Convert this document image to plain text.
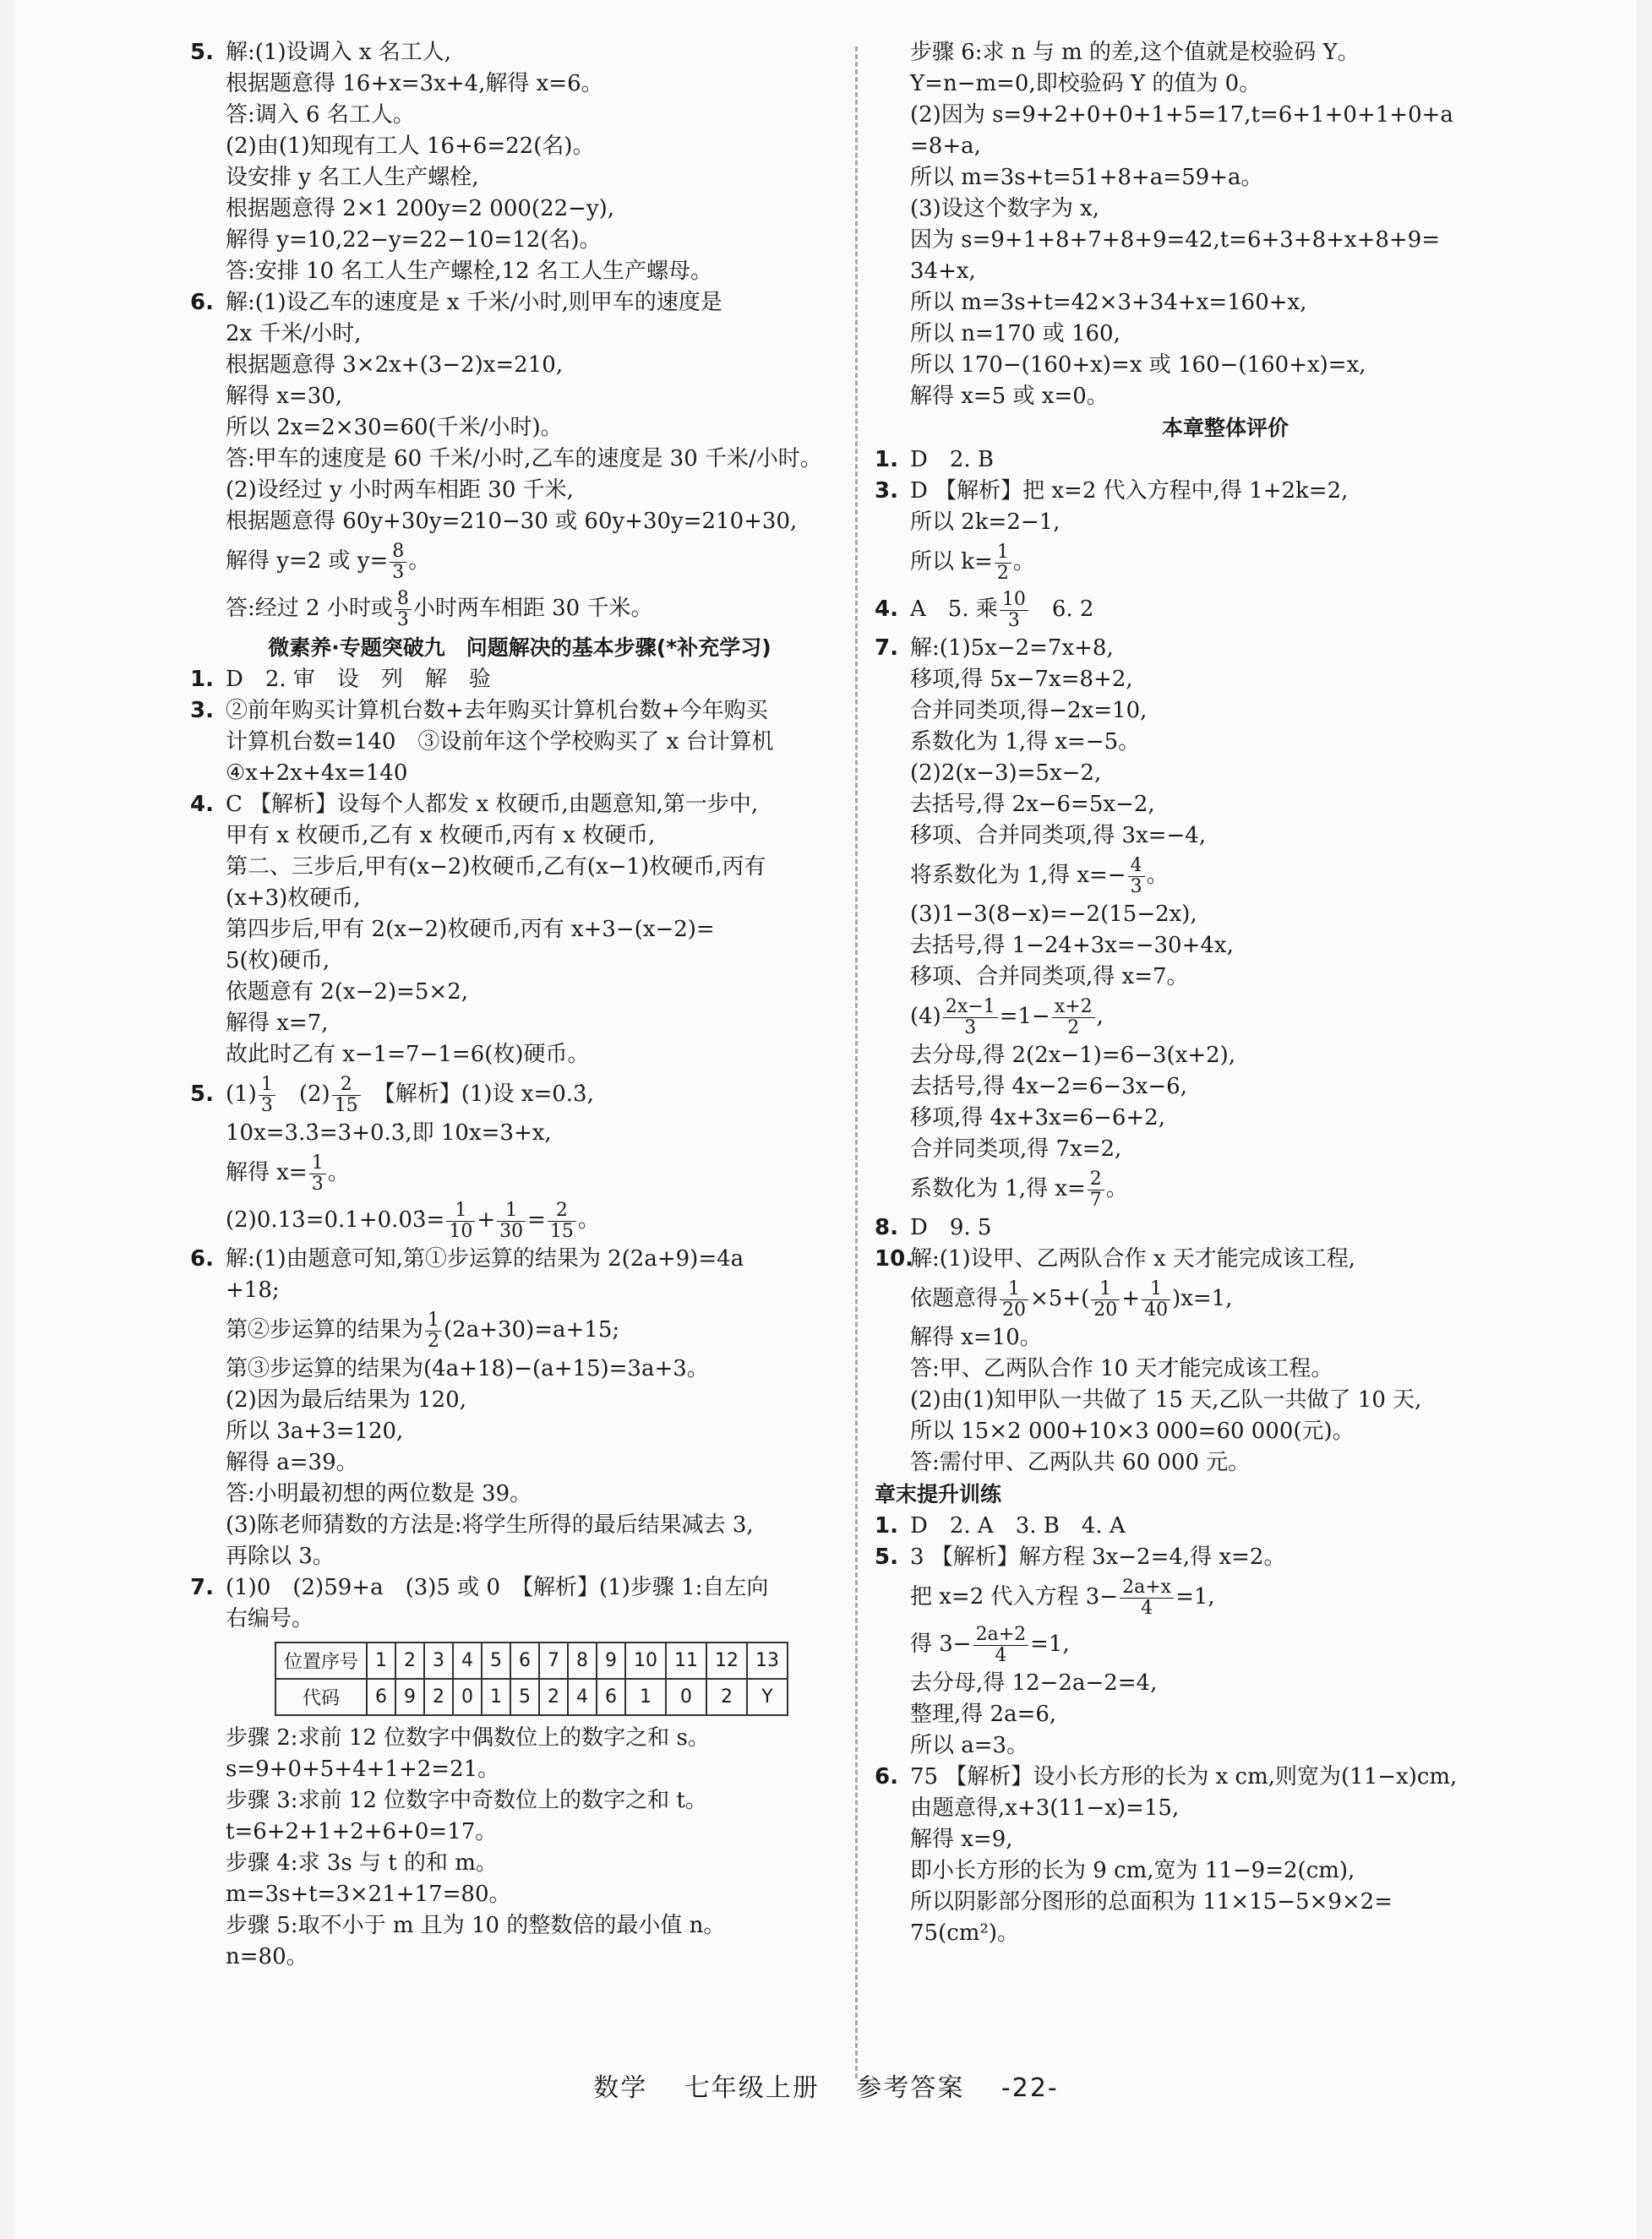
5. 解:(1)设调入 x 名工人,
根据题意得 16+x=3x+4,解得 x=6。
答:调入 6 名工人。
(2)由(1)知现有工人 16+6=22(名)。
设安排 y 名工人生产螺栓,
根据题意得 2×1 200y=2 000(22−y),
解得 y=10,22−y=22−10=12(名)。
答:安排 10 名工人生产螺栓,12 名工人生产螺母。
6. 解:(1)设乙车的速度是 x 千米/小时,则甲车的速度是
2x 千米/小时,
根据题意得 3×2x+(3−2)x=210,
解得 x=30,
所以 2x=2×30=60(千米/小时)。
答:甲车的速度是 60 千米/小时,乙车的速度是 30 千米/小时。
(2)设经过 y 小时两车相距 30 千米,
根据题意得 60y+30y=210−30 或 60y+30y=210+30,
解得 y=2 或 $y= \frac{8}{3}$ 。
答:经过 2 小时或 $\frac{8}{3}$ 小时两车相距 30 千米。
微素养·专题突破九　问题解决的基本步骤(*补充学习)
1. D　2. 审　设　列　解　验
3. ②前年购买计算机台数+去年购买计算机台数+今年购买
计算机台数=140　③设前年这个学校购买了 x 台计算机
④x+2x+4x=140
4. C 【解析】设每个人都发 x 枚硬币,由题意知,第一步中,
甲有 x 枚硬币,乙有 x 枚硬币,丙有 x 枚硬币,
第二、三步后,甲有(x−2)枚硬币,乙有(x−1)枚硬币,丙有
(x+3)枚硬币,
第四步后,甲有 2(x−2)枚硬币,丙有 x+3−(x−2)=
5(枚)硬币,
依题意有 2(x−2)=5×2,
解得 x=7,
故此时乙有 x−1=7−1=6(枚)硬币。
5. $(1) \frac{1}{3}$ 　$(2) \frac{2}{15}$ 　【解析】(1)设 x=0.3̇,
10x=3.3̇=3+0.3̇,即 10x=3+x,
解得 $x= \frac{1}{3}$ 。
(2)0.13̇=0.1+0.03̇= $\frac{1}{10} + \frac{1}{30} = \frac{2}{15}$ 。
6. 解:(1)由题意可知,第①步运算的结果为 2(2a+9)=4a
+18;
第②步运算的结果为 $\frac{1}{2} (2a+30)=a+15$;
第③步运算的结果为(4a+18)−(a+15)=3a+3。
(2)因为最后结果为 120,
所以 3a+3=120,
解得 a=39。
答:小明最初想的两位数是 39。
(3)陈老师猜数的方法是:将学生所得的最后结果减去 3,
再除以 3。
7. (1)0　(2)59+a　(3)5 或 0　【解析】(1)步骤 1:自左向
右编号。
位置序号	1	2	3	4	5	6	7	8	9	10	11	12	13
代码	6	9	2	0	1	5	2	4	6	1	0	2	Y
步骤 2:求前 12 位数字中偶数位上的数字之和 s。
s=9+0+5+4+1+2=21。
步骤 3:求前 12 位数字中奇数位上的数字之和 t。
t=6+2+1+2+6+0=17。
步骤 4:求 3s 与 t 的和 m。
m=3s+t=3×21+17=80。
步骤 5:取不小于 m 且为 10 的整数倍的最小值 n。
n=80。
步骤 6:求 n 与 m 的差,这个值就是校验码 Y。
Y=n−m=0,即校验码 Y 的值为 0。
(2)因为 s=9+2+0+0+1+5=17,t=6+1+0+1+0+a
=8+a,
所以 m=3s+t=51+8+a=59+a。
(3)设这个数字为 x,
因为 s=9+1+8+7+8+9=42,t=6+3+8+x+8+9=
34+x,
所以 m=3s+t=42×3+34+x=160+x,
所以 n=170 或 160,
所以 170−(160+x)=x 或 160−(160+x)=x,
解得 x=5 或 x=0。
本章整体评价
1. D　2. B
3. D 【解析】把 x=2 代入方程中,得 1+2k=2,
所以 2k=2−1,
所以 $k= \frac{1}{2}$ 。
4. A　5. 乘 $\frac{10}{3}$ 　6. 2
7. 解:(1)5x−2=7x+8,
移项,得 5x−7x=8+2,
合并同类项,得−2x=10,
系数化为 1,得 x=−5。
(2)2(x−3)=5x−2,
去括号,得 2x−6=5x−2,
移项、合并同类项,得 3x=−4,
将系数化为 1,得 $x=- \frac{4}{3}$ 。
(3)1−3(8−x)=−2(15−2x),
去括号,得 1−24+3x=−30+4x,
移项、合并同类项,得 x=7。
$(4) \frac{2x-1}{3} =1- \frac{x+2}{2}$ ,
去分母,得 2(2x−1)=6−3(x+2),
去括号,得 4x−2=6−3x−6,
移项,得 4x+3x=6−6+2,
合并同类项,得 7x=2,
系数化为 1,得 $x= \frac{2}{7}$ 。
8. D　9. 5
10.
解:(1)设甲、乙两队合作 x 天才能完成该工程,
依题意得 $\frac{1}{20} \times 5+( \frac{1}{20} + \frac{1}{40} )x=1$,
解得 x=10。
答:甲、乙两队合作 10 天才能完成该工程。
(2)由(1)知甲队一共做了 15 天,乙队一共做了 10 天,
所以 15×2 000+10×3 000=60 000(元)。
答:需付甲、乙两队共 60 000 元。
章末提升训练
1. D　2. A　3. B　4. A
5. 3 【解析】解方程 3x−2=4,得 x=2。
把 x=2 代入方程 $3- \frac{2a+x}{4} =1$,
得 $3- \frac{2a+2}{4} =1$,
去分母,得 12−2a−2=4,
整理,得 2a=6,
所以 a=3。
6. 75 【解析】设小长方形的长为 x cm,则宽为(11−x)cm,
由题意得,x+3(11−x)=15,
解得 x=9,
即小长方形的长为 9 cm,宽为 11−9=2(cm),
所以阴影部分图形的总面积为 11×15−5×9×2=
75(cm²)。
数学 七年级上册 参考答案 -22-
